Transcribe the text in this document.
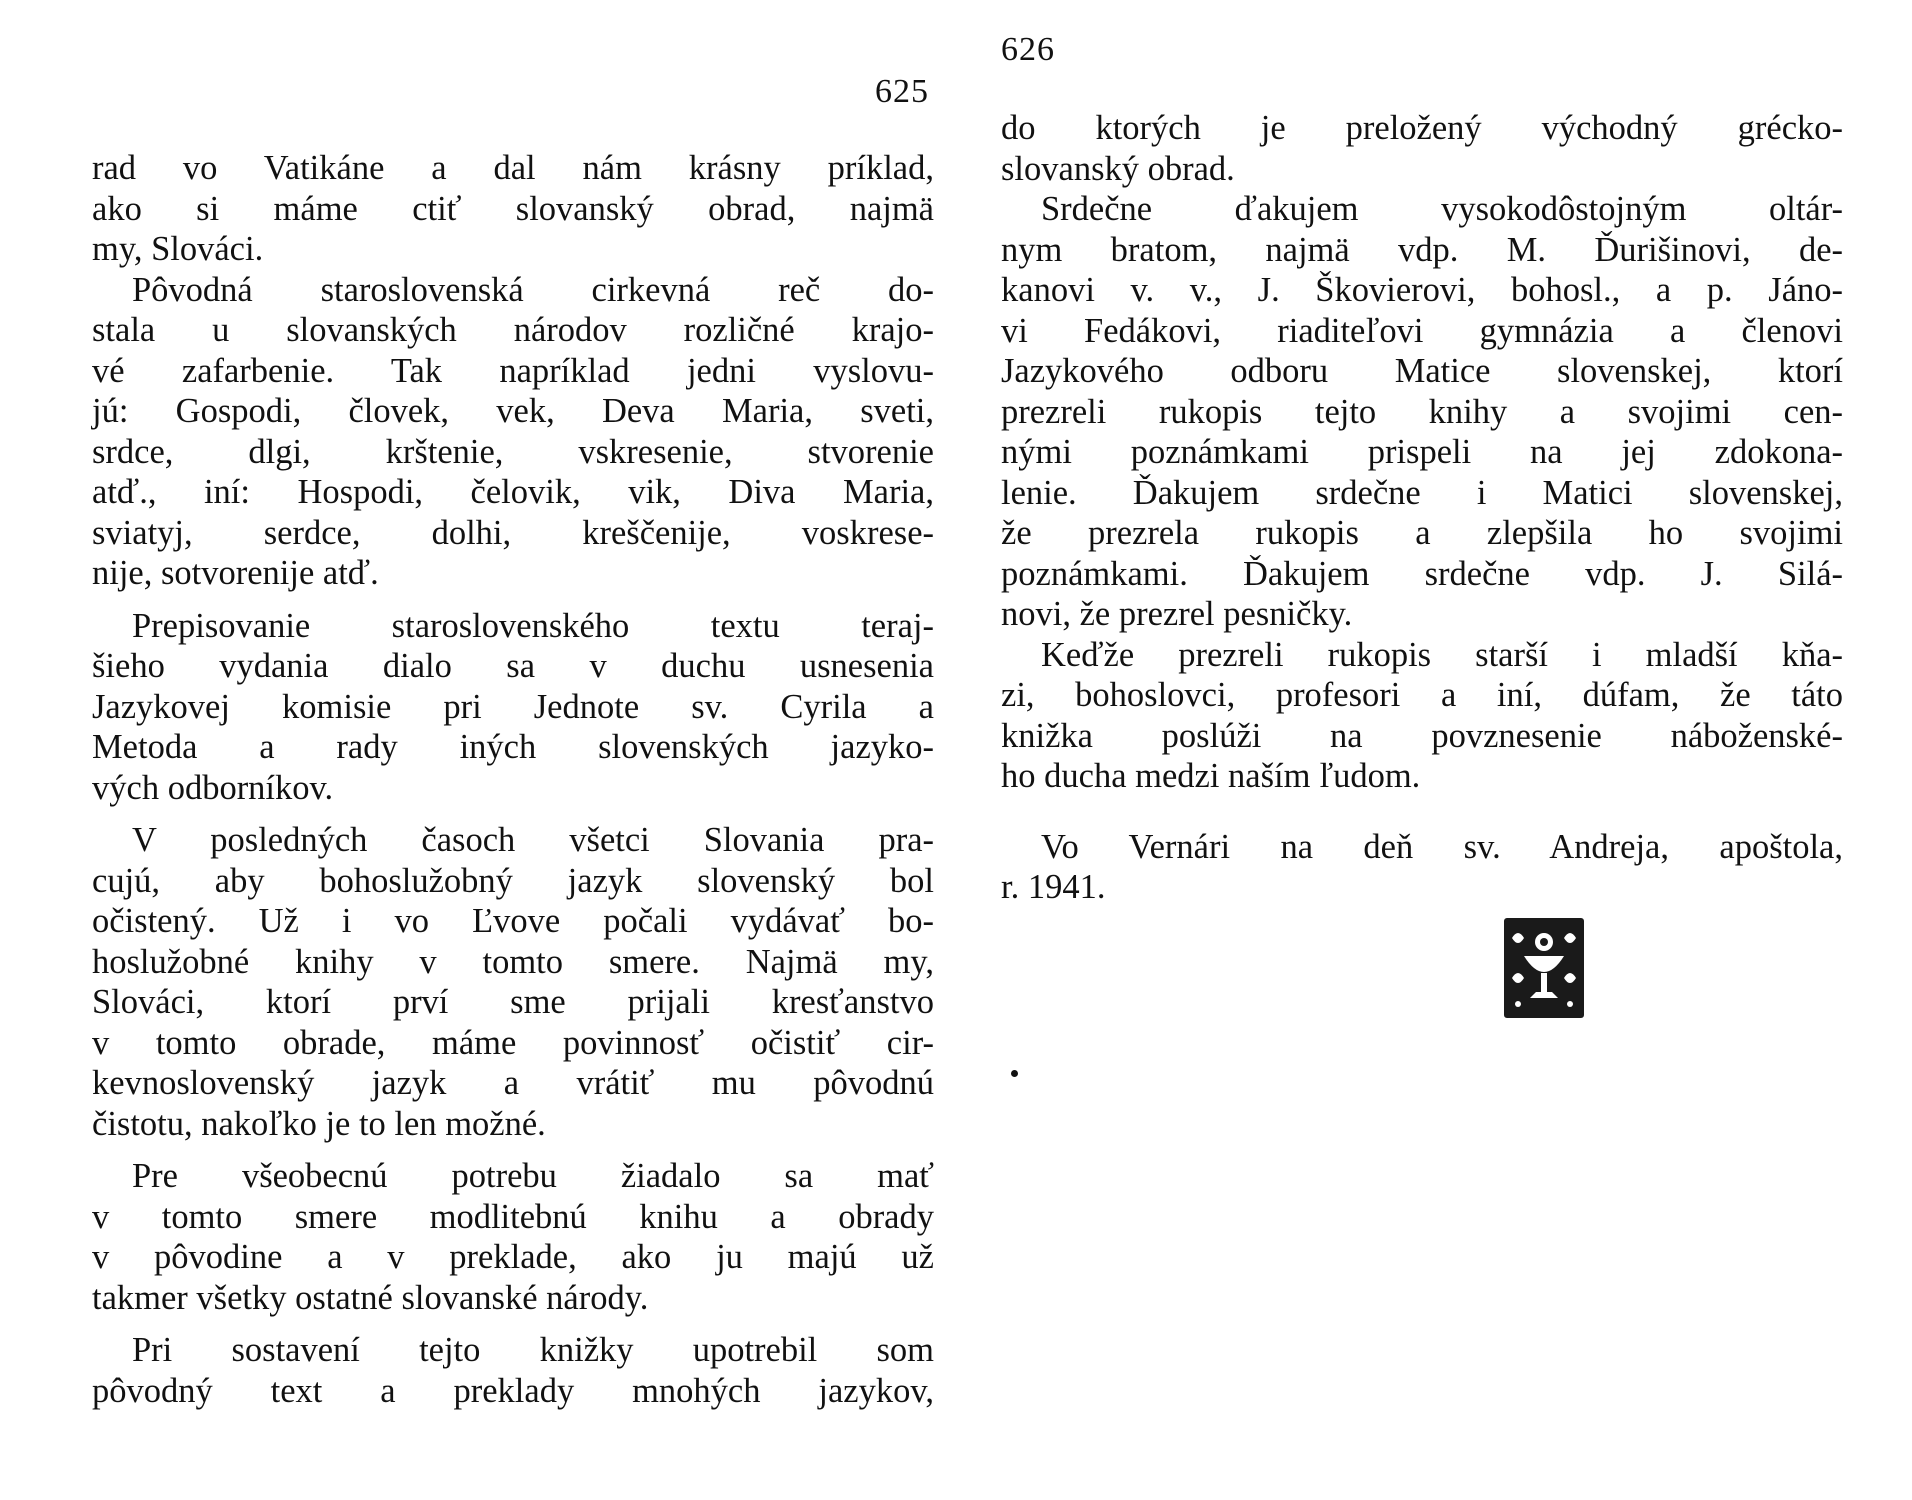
625
rad vo Vatikáne a dal nám krásny príklad,
ako si máme ctiť slovanský obrad, najmä
my, Slováci.
Pôvodná staroslovenská cirkevná reč do-
stala u slovanských národov rozličné krajo-
vé zafarbenie. Tak napríklad jedni vyslovu-
jú: Gospodi, človek, vek, Deva Maria, sveti,
srdce, dlgi, krštenie, vskresenie, stvorenie
atď., iní: Hospodi, čelovik, vik, Diva Maria,
sviatyj, serdce, dolhi, kreščenije, voskrese-
nije, sotvorenije atď.
Prepisovanie staroslovenského textu teraj-
šieho vydania dialo sa v duchu usnesenia
Jazykovej komisie pri Jednote sv. Cyrila a
Metoda a rady iných slovenských jazyko-
vých odborníkov.
V posledných časoch všetci Slovania pra-
cujú, aby bohoslužobný jazyk slovenský bol
očistený. Už i vo Ľvove počali vydávať bo-
hoslužobné knihy v tomto smere. Najmä my,
Slováci, ktorí prví sme prijali kresťanstvo
v tomto obrade, máme povinnosť očistiť cir-
kevnoslovenský jazyk a vrátiť mu pôvodnú
čistotu, nakoľko je to len možné.
Pre všeobecnú potrebu žiadalo sa mať
v tomto smere modlitebnú knihu a obrady
v pôvodine a v preklade, ako ju majú už
takmer všetky ostatné slovanské národy.
Pri sostavení tejto knižky upotrebil som
pôvodný text a preklady mnohých jazykov,
626
do ktorých je preložený východný grécko-
slovanský obrad.
Srdečne ďakujem vysokodôstojným oltár-
nym bratom, najmä vdp. M. Ďurišinovi, de-
kanovi v. v., J. Škovierovi, bohosl., a p. Jáno-
vi Fedákovi, riaditeľovi gymnázia a členovi
Jazykového odboru Matice slovenskej, ktorí
prezreli rukopis tejto knihy a svojimi cen-
nými poznámkami prispeli na jej zdokona-
lenie. Ďakujem srdečne i Matici slovenskej,
že prezrela rukopis a zlepšila ho svojimi
poznámkami. Ďakujem srdečne vdp. J. Silá-
novi, že prezrel pesničky.
Keďže prezreli rukopis starší i mladší kňa-
zi, bohoslovci, profesori a iní, dúfam, že táto
knižka poslúži na povznesenie náboženské-
ho ducha medzi naším ľudom.
Vo Vernári na deň sv. Andreja, apoštola,
r. 1941.
